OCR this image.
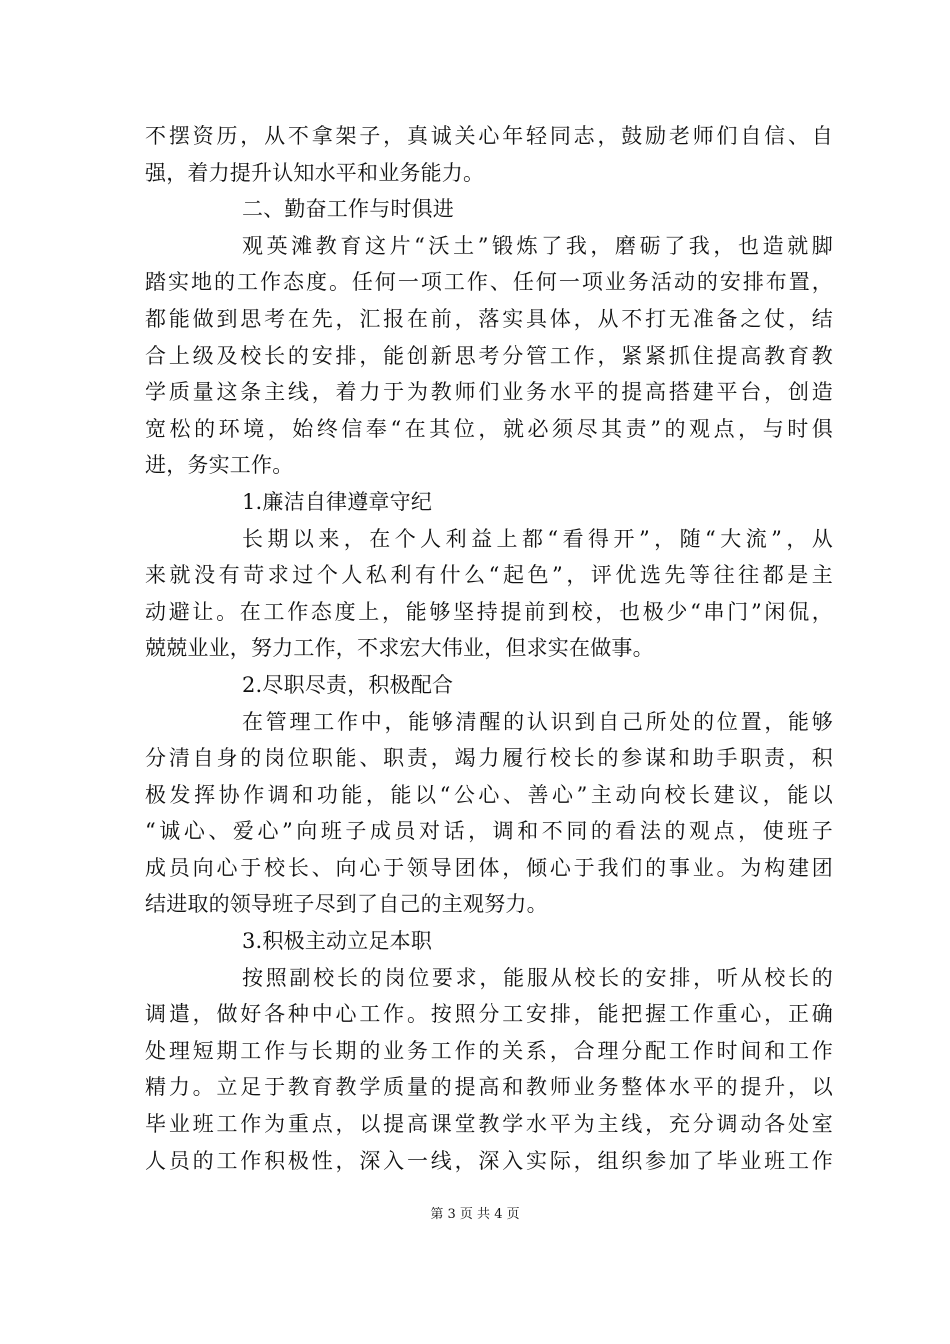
不摆资历，从不拿架子，真诚关心年轻同志，鼓励老师们自信、自
强，着力提升认知水平和业务能力。
二、勤奋工作与时俱进
观英滩教育这片“沃土”锻炼了我，磨砺了我，也造就脚
踏实地的工作态度。任何一项工作、任何一项业务活动的安排布置，
都能做到思考在先，汇报在前，落实具体，从不打无准备之仗，结
合上级及校长的安排，能创新思考分管工作，紧紧抓住提高教育教
学质量这条主线，着力于为教师们业务水平的提高搭建平台，创造
宽松的环境，始终信奉“在其位，就必须尽其责”的观点，与时俱
进，务实工作。
1.廉洁自律遵章守纪
长期以来，在个人利益上都“看得开”，随“大流”，从
来就没有苛求过个人私利有什么“起色”，评优选先等往往都是主
动避让。在工作态度上，能够坚持提前到校，也极少“串门”闲侃，
兢兢业业，努力工作，不求宏大伟业，但求实在做事。
2.尽职尽责，积极配合
在管理工作中，能够清醒的认识到自己所处的位置，能够
分清自身的岗位职能、职责，竭力履行校长的参谋和助手职责，积
极发挥协作调和功能，能以“公心、善心”主动向校长建议，能以
“诚心、爱心”向班子成员对话，调和不同的看法的观点，使班子
成员向心于校长、向心于领导团体，倾心于我们的事业。为构建团
结进取的领导班子尽到了自己的主观努力。
3.积极主动立足本职
按照副校长的岗位要求，能服从校长的安排，听从校长的
调遣，做好各种中心工作。按照分工安排，能把握工作重心，正确
处理短期工作与长期的业务工作的关系，合理分配工作时间和工作
精力。立足于教育教学质量的提高和教师业务整体水平的提升，以
毕业班工作为重点，以提高课堂教学水平为主线，充分调动各处室
人员的工作积极性，深入一线，深入实际，组织参加了毕业班工作
第 3 页 共 4 页
